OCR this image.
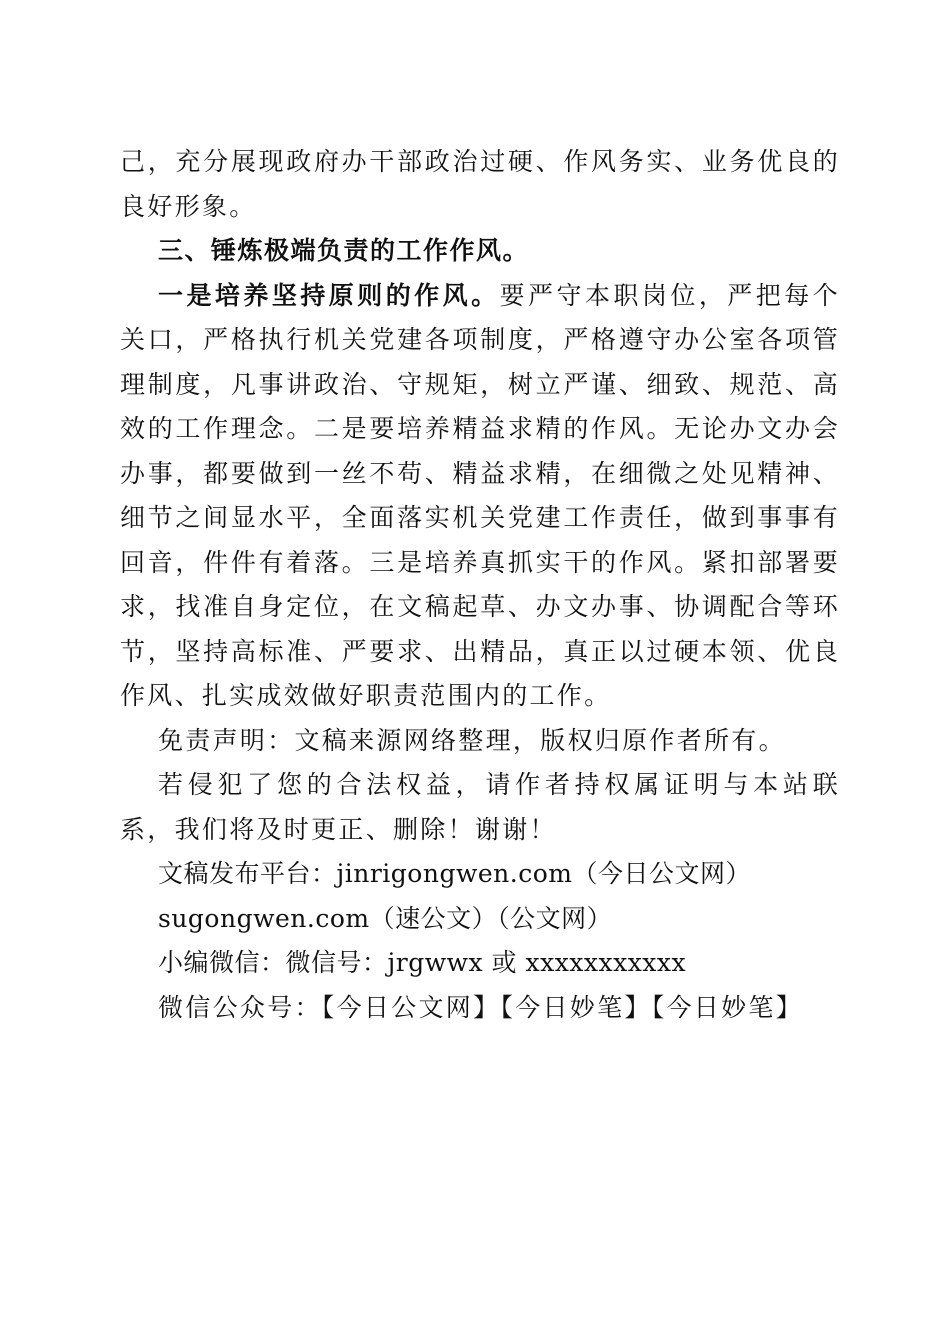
己，充分展现政府办干部政治过硬、作风务实、业务优良的良好形象。

三、锤炼极端负责的工作作风。

一是培养坚持原则的作风。要严守本职岗位，严把每个关口，严格执行机关党建各项制度，严格遵守办公室各项管理制度，凡事讲政治、守规矩，树立严谨、细致、规范、高效的工作理念。二是要培养精益求精的作风。无论办文办会办事，都要做到一丝不苟、精益求精，在细微之处见精神、细节之间显水平，全面落实机关党建工作责任，做到事事有回音，件件有着落。三是培养真抓实干的作风。紧扣部署要求，找准自身定位，在文稿起草、办文办事、协调配合等环节，坚持高标准、严要求、出精品，真正以过硬本领、优良作风、扎实成效做好职责范围内的工作。

免责声明：文稿来源网络整理，版权归原作者所有。

若侵犯了您的合法权益，请作者持权属证明与本站联系，我们将及时更正、删除！谢谢！

文稿发布平台：jinrigongwen.com（今日公文网）

sugongwen.com（速公文）（公文网）

小编微信：微信号：jrgwwx 或 xxxxxxxxxxx

微信公众号：【今日公文网】【今日妙笔】【今日妙笔】
